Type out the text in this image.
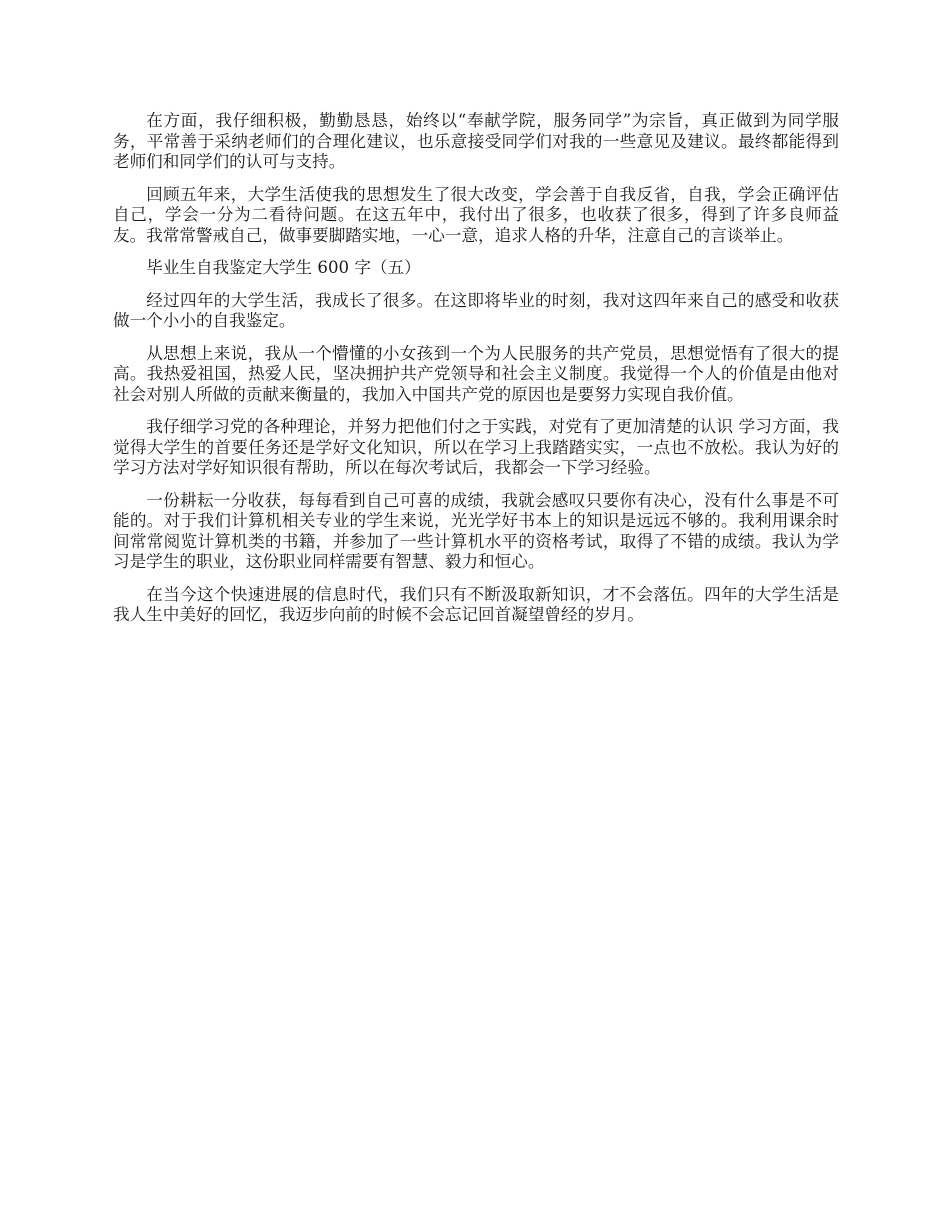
在方面，我仔细积极，勤勤恳恳，始终以“奉献学院，服务同学”为宗旨，真正做到为同学服务，平常善于采纳老师们的合理化建议，也乐意接受同学们对我的一些意见及建议。最终都能得到老师们和同学们的认可与支持。

回顾五年来，大学生活使我的思想发生了很大改变，学会善于自我反省，自我，学会正确评估自己，学会一分为二看待问题。在这五年中，我付出了很多，也收获了很多，得到了许多良师益友。我常常警戒自己，做事要脚踏实地，一心一意，追求人格的升华，注意自己的言谈举止。

毕业生自我鉴定大学生 600 字（五）

经过四年的大学生活，我成长了很多。在这即将毕业的时刻，我对这四年来自己的感受和收获做一个小小的自我鉴定。

从思想上来说，我从一个懵懂的小女孩到一个为人民服务的共产党员，思想觉悟有了很大的提高。我热爱祖国，热爱人民，坚决拥护共产党领导和社会主义制度。我觉得一个人的价值是由他对社会对别人所做的贡献来衡量的，我加入中国共产党的原因也是要努力实现自我价值。

我仔细学习党的各种理论，并努力把他们付之于实践，对党有了更加清楚的认识 学习方面，我觉得大学生的首要任务还是学好文化知识，所以在学习上我踏踏实实，一点也不放松。我认为好的学习方法对学好知识很有帮助，所以在每次考试后，我都会一下学习经验。

一份耕耘一分收获，每每看到自己可喜的成绩，我就会感叹只要你有决心，没有什么事是不可能的。对于我们计算机相关专业的学生来说，光光学好书本上的知识是远远不够的。我利用课余时间常常阅览计算机类的书籍，并参加了一些计算机水平的资格考试，取得了不错的成绩。我认为学习是学生的职业，这份职业同样需要有智慧、毅力和恒心。

在当今这个快速进展的信息时代，我们只有不断汲取新知识，才不会落伍。四年的大学生活是我人生中美好的回忆，我迈步向前的时候不会忘记回首凝望曾经的岁月。
